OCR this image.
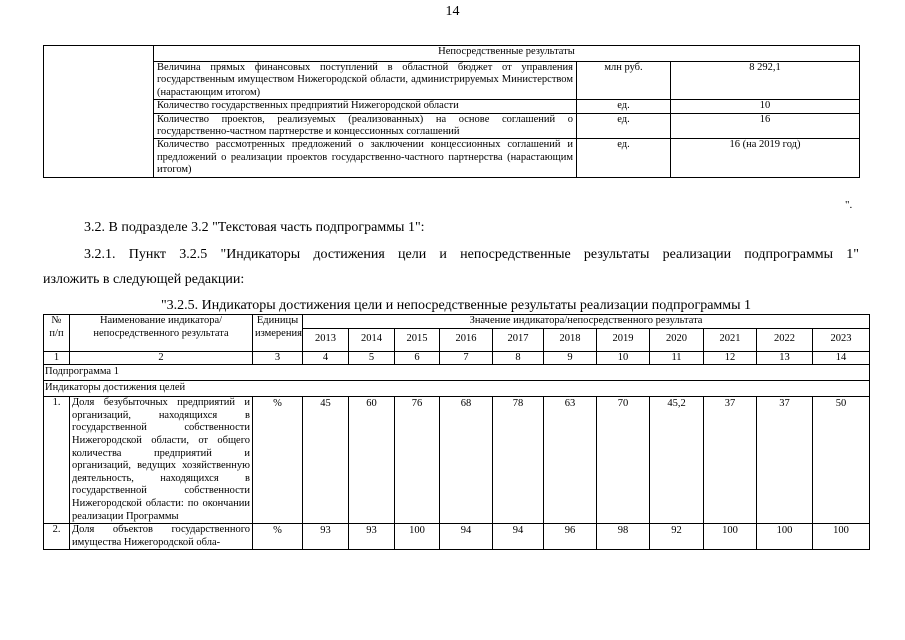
14
	Непосредственные результаты		
	Величина прямых финансовых поступлений в областной бюджет от управления государственным имуществом Нижегородской области, администрируемых Министерством (нарастающим итогом)	млн руб.	8 292,1
	Количество государственных предприятий Нижегородской области	ед.	10
	Количество проектов, реализуемых (реализованных) на основе соглашений о государственно-частном партнерстве и концессионных соглашений	ед.	16
	Количество рассмотренных предложений о заключении концессионных соглашений и предложений о реализации проектов государственно-частного партнерства (нарастающим итогом)	ед.	16 (на 2019 год)
".
3.2. В подразделе 3.2 "Текстовая часть подпрограммы 1":
3.2.1. Пункт 3.2.5 "Индикаторы достижения цели и непосредственные результаты реализации подпрограммы 1"
изложить в следующей редакции:
"3.2.5. Индикаторы достижения цели и непосредственные результаты реализации подпрограммы 1
№ п/п	Наименование индикатора/непосредственного результата	Единицы измерения	Значение индикатора/непосредственного результата										
			2013	2014	2015	2016	2017	2018	2019	2020	2021	2022	2023
1	2	3	4	5	6	7	8	9	10	11	12	13	14
Подпрограмма 1													
Индикаторы достижения целей													
1.	Доля безубыточных предприятий и организаций, находящихся в государственной собственности Нижегородской области, от общего количества предприятий и организаций, ведущих хозяйственную деятельность, находящихся в государственной собственности Нижегородской области: по окончании реализации Программы	%	45	60	76	68	78	63	70	45,2	37	37	50
2.	Доля объектов государственного имущества Нижегородской обла-	%	93	93	100	94	94	96	98	92	100	100	100
